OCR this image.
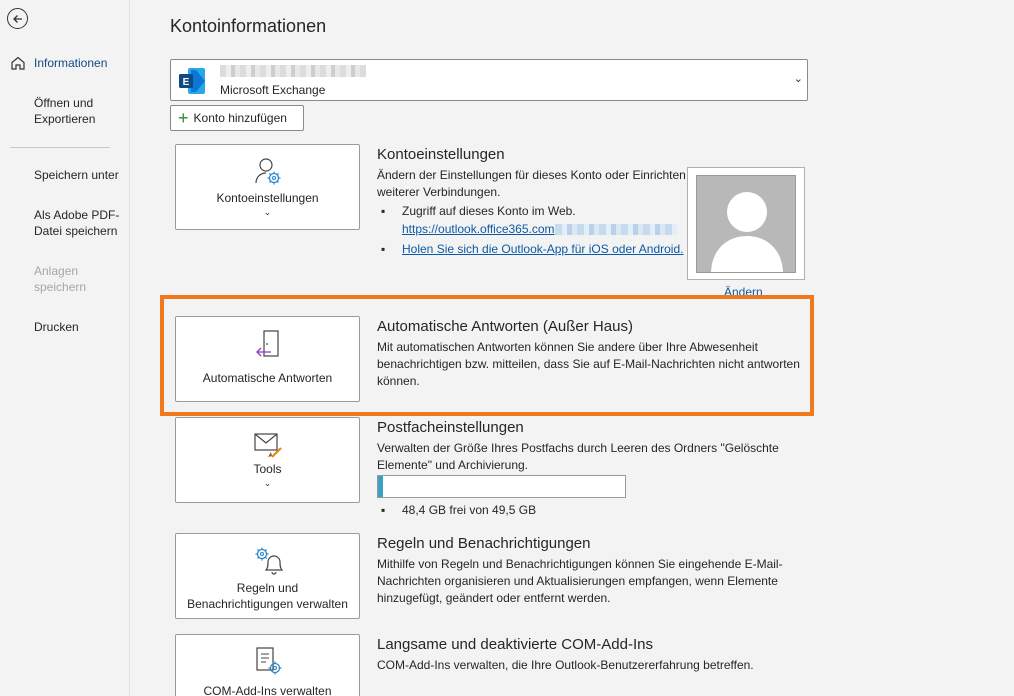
Informationen
Öffnen und
Exportieren
Speichern unter
Als Adobe PDF-
Datei speichern
Anlagen
speichern
Drucken
Kontoinformationen
E
Microsoft Exchange
⌄
+ Konto hinzufügen
Kontoeinstellungen
⌄
Kontoeinstellungen
Ändern der Einstellungen für dieses Konto oder Einrichten weiterer Verbindungen.
▪ Zugriff auf dieses Konto im Web.
https://outlook.office365.com
▪ Holen Sie sich die Outlook-App für iOS oder Android.
Ändern
Automatische Antworten
Automatische Antworten (Außer Haus)
Mit automatischen Antworten können Sie andere über Ihre Abwesenheit benachrichtigen bzw. mitteilen, dass Sie auf E-Mail-Nachrichten nicht antworten können.
Tools
⌄
Postfacheinstellungen
Verwalten der Größe Ihres Postfachs durch Leeren des Ordners "Gelöschte Elemente" und Archivierung.
▪ 48,4 GB frei von 49,5 GB
Regeln und
Benachrichtigungen verwalten
Regeln und Benachrichtigungen
Mithilfe von Regeln und Benachrichtigungen können Sie eingehende E-Mail-Nachrichten organisieren und Aktualisierungen empfangen, wenn Elemente hinzugefügt, geändert oder entfernt werden.
COM-Add-Ins verwalten
Langsame und deaktivierte COM-Add-Ins
COM-Add-Ins verwalten, die Ihre Outlook-Benutzererfahrung betreffen.
